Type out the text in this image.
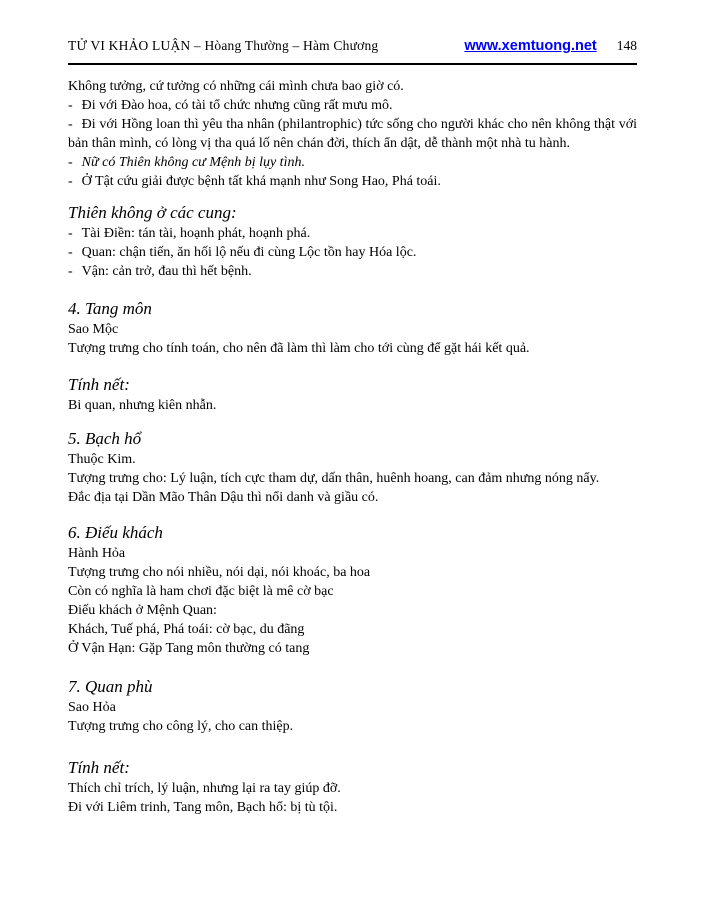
TỬ VI KHẢO LUẬN – Hòang Thường – Hàm Chương	www.xemtuong.net 148

Không tưởng, cứ tưởng có những cái mình chưa bao giờ có.

- Đi với Đào hoa, có tài tổ chức nhưng cũng rất mưu mô.

- Đi với Hồng loan thì yêu tha nhân (philantrophic) tức sống cho người khác cho nên không thật với bản thân mình, có lòng vị tha quá lố nên chán đời, thích ẩn dật, dễ thành một nhà tu hành.

- Nữ có Thiên không cư Mệnh bị lụy tình.

- Ở Tật cứu giải được bệnh tất khá mạnh như Song Hao, Phá toái.

Thiên không ở các cung:

- Tài Điền: tán tài, hoạnh phát, hoạnh phá.

- Quan: chận tiến, ăn hối lộ nếu đi cùng Lộc tồn hay Hóa lộc.

- Vận: cản trở, đau thì hết bệnh.

4. Tang môn

Sao Mộc

Tượng trưng cho tính toán, cho nên đã làm thì làm cho tới cùng để gặt hái kết quả.

Tính nết:

Bi quan, nhưng kiên nhẫn.

5. Bạch hổ

Thuộc Kim.

Tượng trưng cho: Lý luận, tích cực tham dự, dấn thân, huênh hoang, can đảm nhưng nóng nẩy.

Đắc địa tại Dần Mão Thân Dậu thì nổi danh và giầu có.

6. Điếu khách

Hành Hỏa

Tượng trưng cho nói nhiều, nói dại, nói khoác, ba hoa

Còn có nghĩa là ham chơi đặc biệt là mê cờ bạc

Điếu khách ở Mệnh Quan:

Khách, Tuế phá, Phá toái: cờ bạc, du đãng

Ở Vận Hạn: Gặp Tang môn thường có tang

7. Quan phù

Sao Hỏa

Tượng trưng cho công lý, cho can thiệp.

Tính nết:

Thích chỉ trích, lý luận, nhưng lại ra tay giúp đỡ.

Đi với Liêm trinh, Tang môn, Bạch hổ: bị tù tội.
